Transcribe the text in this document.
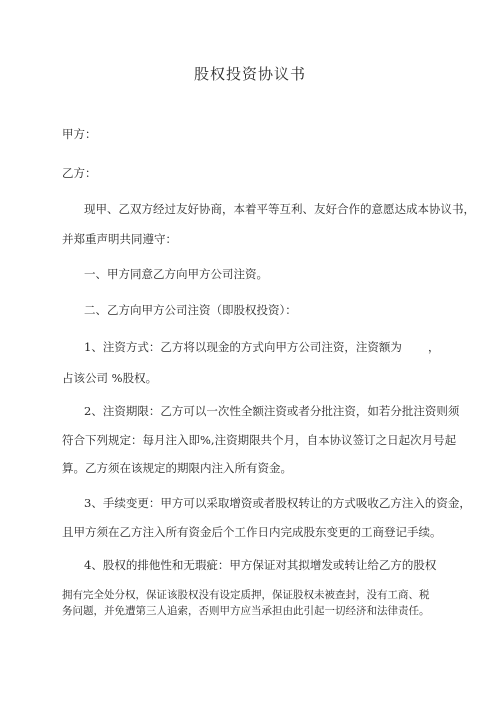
股权投资协议书
甲方：
乙方：
现甲、乙双方经过友好协商，本着平等互利、友好合作的意愿达成本协议书，
并郑重声明共同遵守：
一、甲方同意乙方向甲方公司注资。
二、乙方向甲方公司注资（即股权投资）：
1、注资方式：乙方将以现金的方式向甲方公司注资，注资额为 ，
占该公司 %股权。
2、注资期限：乙方可以一次性全额注资或者分批注资，如若分批注资则须
符合下列规定：每月注入即%,注资期限共个月，自本协议签订之日起次月号起
算。乙方须在该规定的期限内注入所有资金。
3、手续变更：甲方可以采取增资或者股权转让的方式吸收乙方注入的资金，
且甲方须在乙方注入所有资金后个工作日内完成股东变更的工商登记手续。
4、股权的排他性和无瑕疵：甲方保证对其拟增发或转让给乙方的股权
拥有完全处分权，保证该股权没有设定质押，保证股权未被查封，没有工商、税
务问题，并免遭第三人追索，否则甲方应当承担由此引起一切经济和法律责任。
